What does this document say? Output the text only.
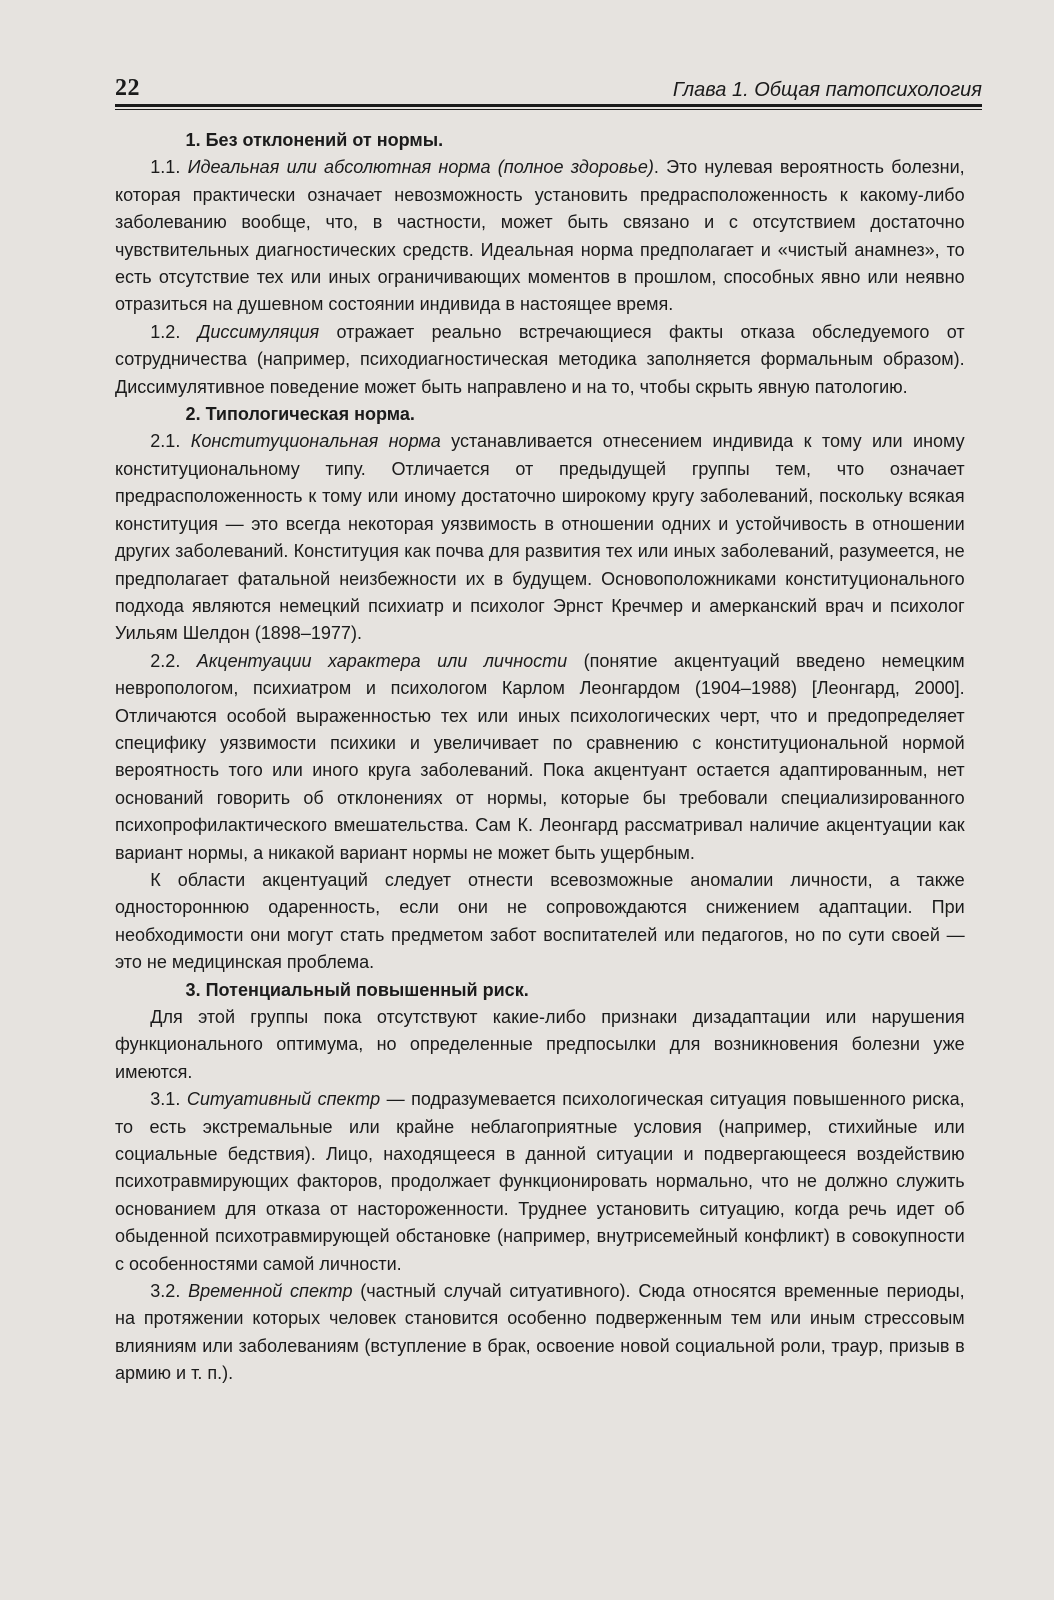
22	Глава 1. Общая патопсихология

1. Без отклонений от нормы.

1.1. Идеальная или абсолютная норма (полное здоровье). Это нулевая вероятность болезни, которая практически означает невозможность установить предрасположенность к какому-либо заболеванию вообще, что, в частности, может быть связано и с отсутствием достаточно чувствительных диагностических средств. Идеальная норма предполагает и «чистый анамнез», то есть отсутствие тех или иных ограничивающих моментов в прошлом, способных явно или неявно отразиться на душевном состоянии индивида в настоящее время.

1.2. Диссимуляция отражает реально встречающиеся факты отказа обследуемого от сотрудничества (например, психодиагностическая методика заполняется формальным образом). Диссимулятивное поведение может быть направлено и на то, чтобы скрыть явную патологию.

2. Типологическая норма.

2.1. Конституциональная норма устанавливается отнесением индивида к тому или иному конституциональному типу. Отличается от предыдущей группы тем, что означает предрасположенность к тому или иному достаточно широкому кругу заболеваний, поскольку всякая конституция — это всегда некоторая уязвимость в отношении одних и устойчивость в отношении других заболеваний. Конституция как почва для развития тех или иных заболеваний, разумеется, не предполагает фатальной неизбежности их в будущем. Основоположниками конституционального подхода являются немецкий психиатр и психолог Эрнст Кречмер и амерканский врач и психолог Уильям Шелдон (1898–1977).

2.2. Акцентуации характера или личности (понятие акцентуаций введено немецким невропологом, психиатром и психологом Карлом Леонгардом (1904–1988) [Леонгард, 2000]. Отличаются особой выраженностью тех или иных психологических черт, что и предопределяет специфику уязвимости психики и увеличивает по сравнению с конституциональной нормой вероятность того или иного круга заболеваний. Пока акцентуант остается адаптированным, нет оснований говорить об отклонениях от нормы, которые бы требовали специализированного психопрофилактического вмешательства. Сам К. Леонгард рассматривал наличие акцентуации как вариант нормы, а никакой вариант нормы не может быть ущербным.

К области акцентуаций следует отнести всевозможные аномалии личности, а также одностороннюю одаренность, если они не сопровождаются снижением адаптации. При необходимости они могут стать предметом забот воспитателей или педагогов, но по сути своей — это не медицинская проблема.

3. Потенциальный повышенный риск.

Для этой группы пока отсутствуют какие-либо признаки дизадаптации или нарушения функционального оптимума, но определенные предпосылки для возникновения болезни уже имеются.

3.1. Ситуативный спектр — подразумевается психологическая ситуация повышенного риска, то есть экстремальные или крайне неблагоприятные условия (например, стихийные или социальные бедствия). Лицо, находящееся в данной ситуации и подвергающееся воздействию психотравмирующих факторов, продолжает функционировать нормально, что не должно служить основанием для отказа от настороженности. Труднее установить ситуацию, когда речь идет об обыденной психотравмирующей обстановке (например, внутрисемейный конфликт) в совокупности с особенностями самой личности.

3.2. Временной спектр (частный случай ситуативного). Сюда относятся временные периоды, на протяжении которых человек становится особенно подверженным тем или иным стрессовым влияниям или заболеваниям (вступление в брак, освоение новой социальной роли, траур, призыв в армию и т. п.).
